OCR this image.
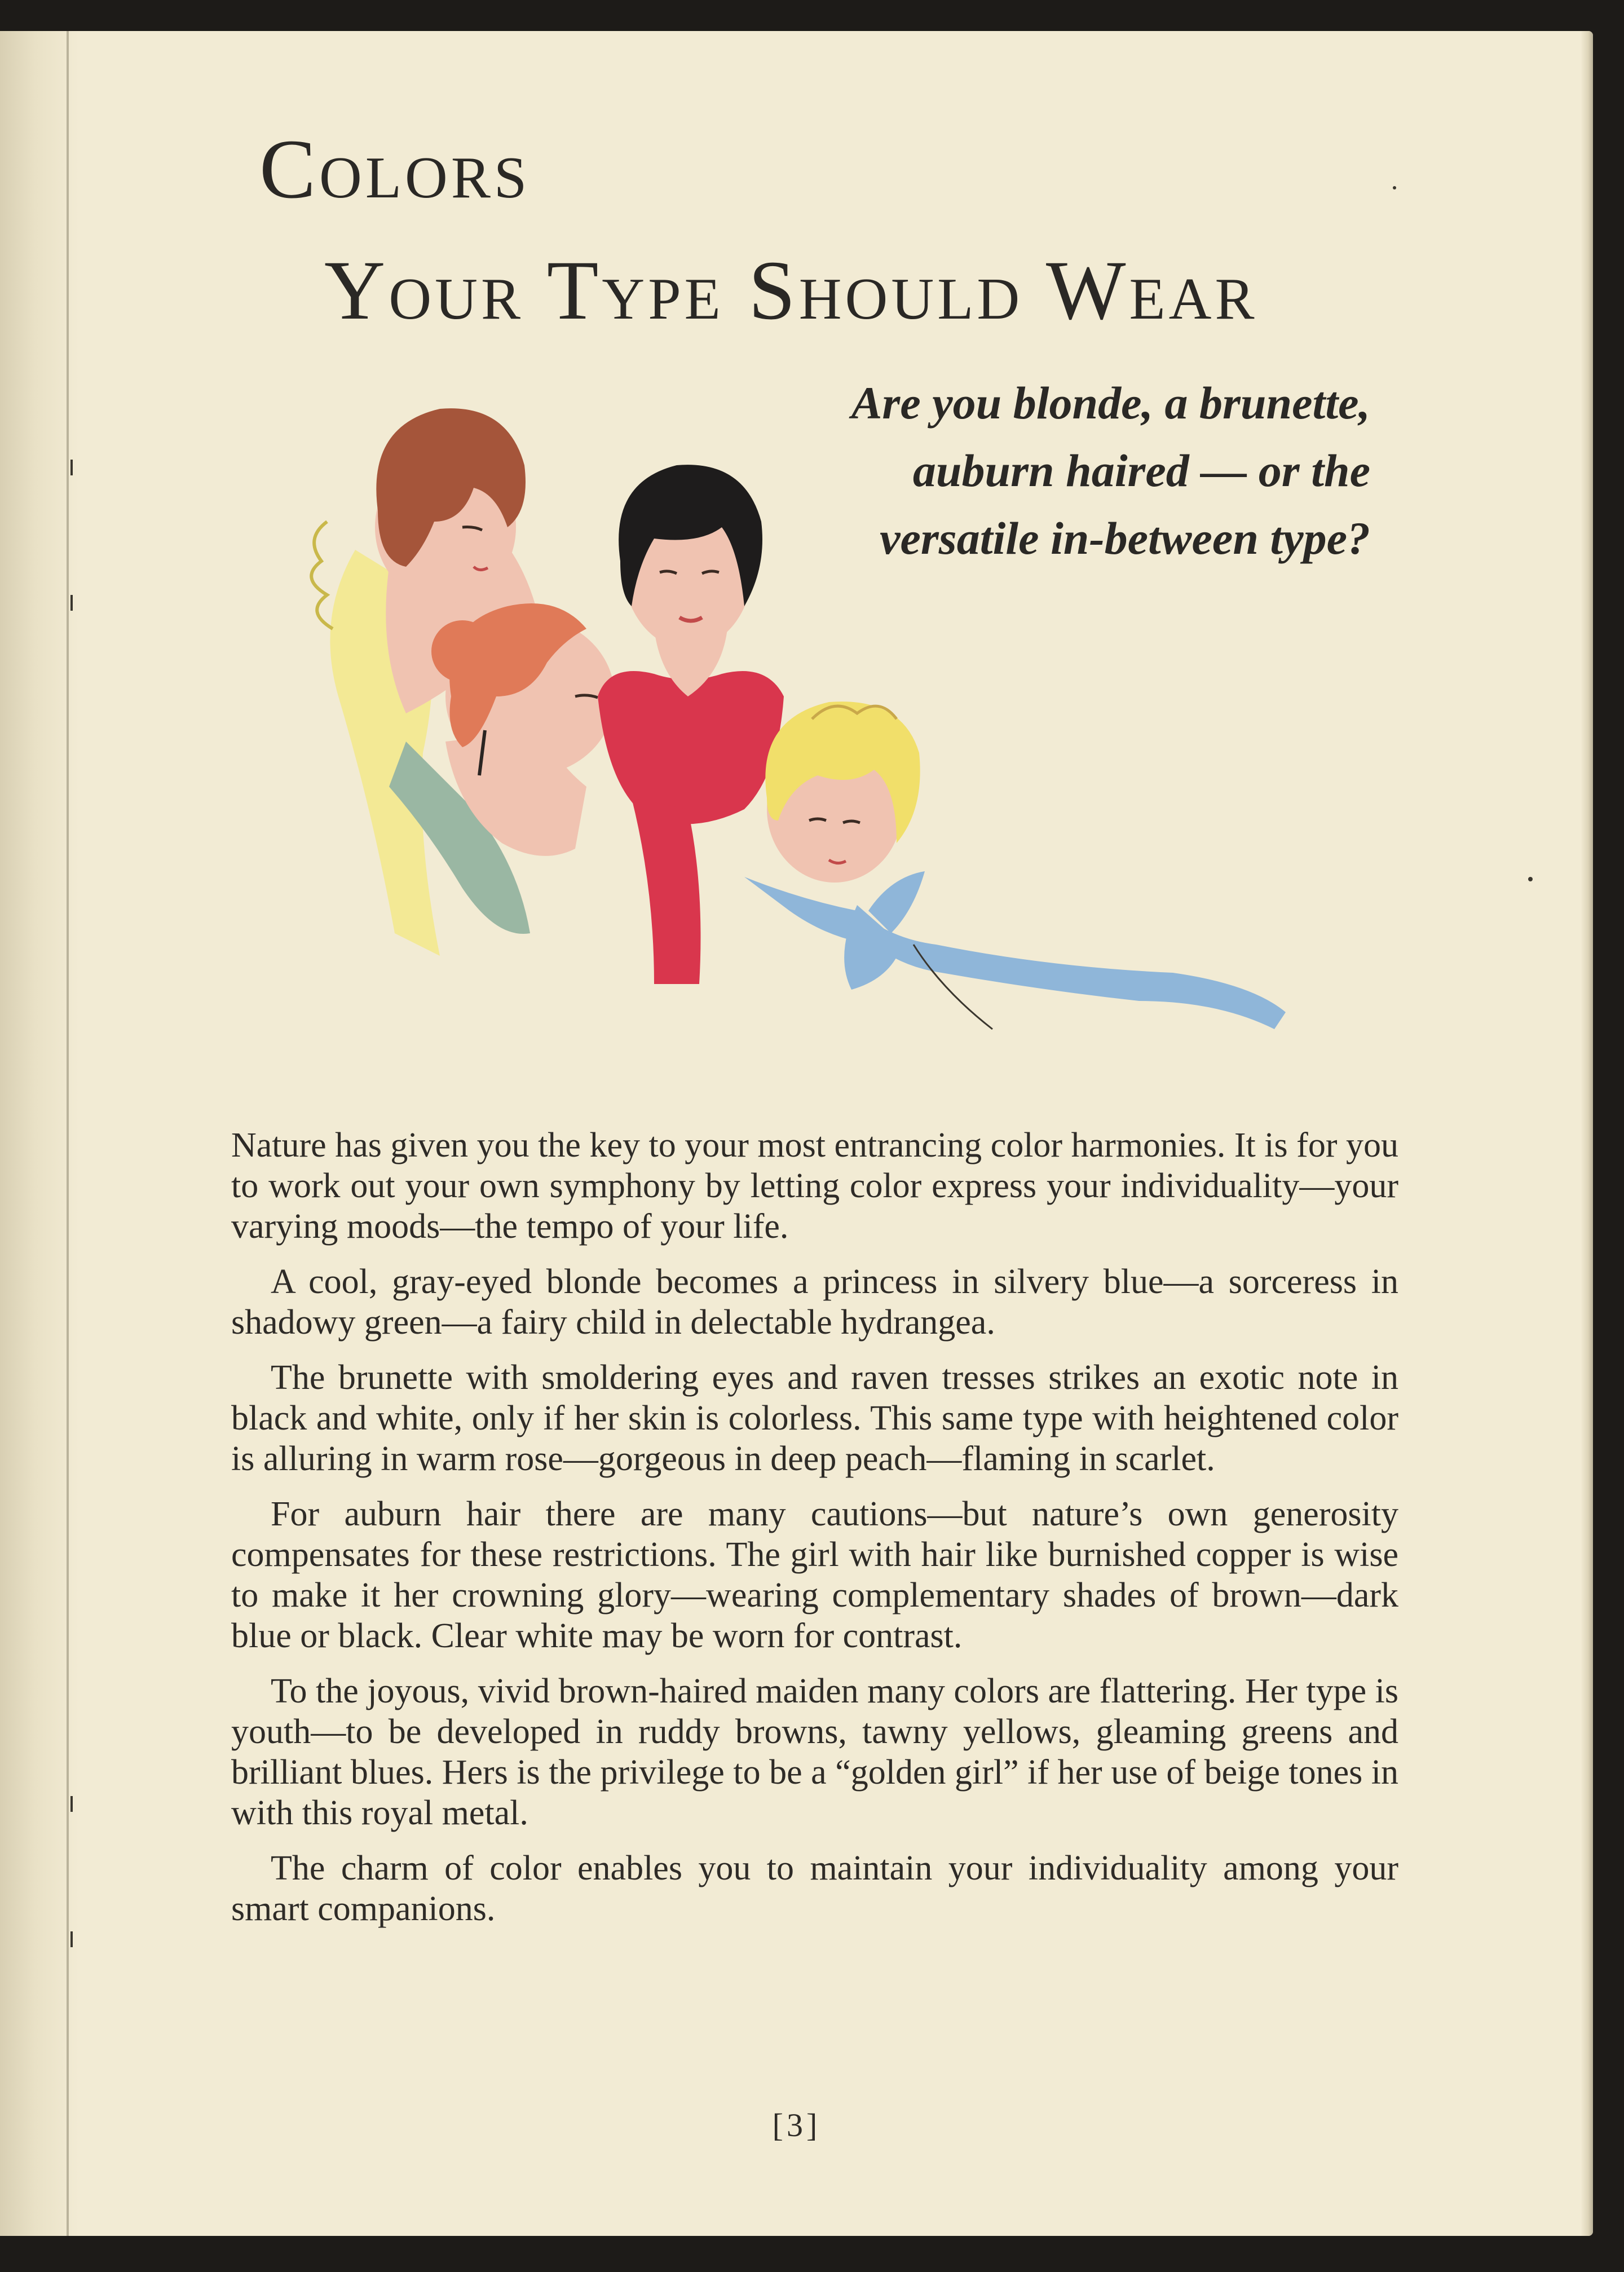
Colors
Your Type Should Wear
Are you blonde, a brunette,
auburn haired — or the
versatile in-between type?

Nature has given you the key to your most entrancing color harmonies. It is for you to work out your own symphony by letting color express your individuality—your varying moods—the tempo of your life.

A cool, gray-eyed blonde becomes a princess in silvery blue—a sorceress in shadowy green—a fairy child in delectable hydrangea.

The brunette with smoldering eyes and raven tresses strikes an exotic note in black and white, only if her skin is colorless. This same type with heightened color is alluring in warm rose—gorgeous in deep peach—flaming in scarlet.

For auburn hair there are many cautions—but nature’s own generosity compensates for these restrictions. The girl with hair like burnished copper is wise to make it her crowning glory—wearing complementary shades of brown—dark blue or black. Clear white may be worn for contrast.

To the joyous, vivid brown-haired maiden many colors are flattering. Her type is youth—to be developed in ruddy browns, tawny yellows, gleaming greens and brilliant blues. Hers is the privilege to be a “golden girl” if her use of beige tones in with this royal metal.

The charm of color enables you to maintain your individuality among your smart companions.

[3]
